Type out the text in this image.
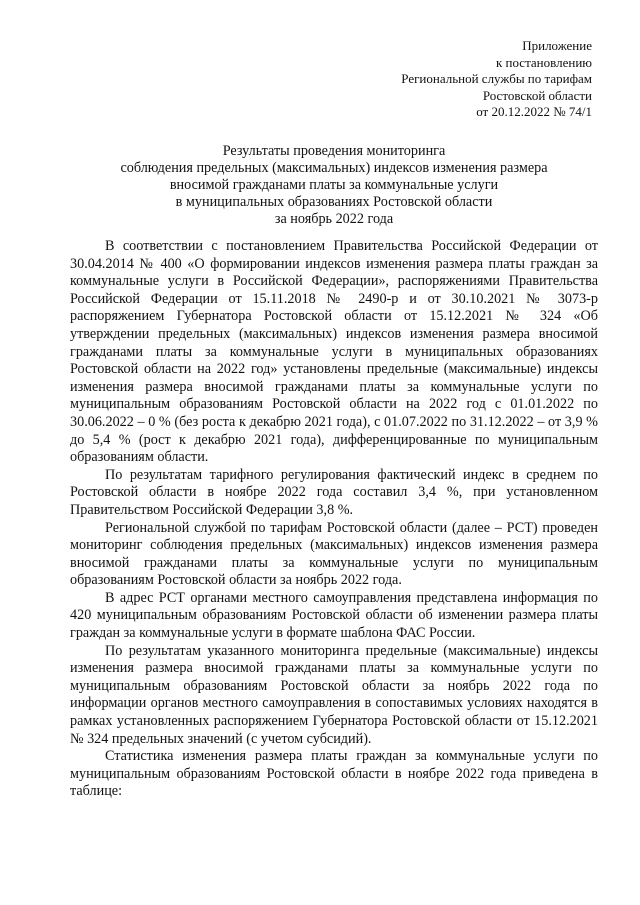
Приложение
к постановлению
Региональной службы по тарифам
Ростовской области
от 20.12.2022 № 74/1
Результаты проведения мониторинга
соблюдения предельных (максимальных) индексов изменения размера
вносимой гражданами платы за коммунальные услуги
в муниципальных образованиях Ростовской области
за ноябрь 2022 года

В соответствии с постановлением Правительства Российской Федерации от 30.04.2014 № 400 «О формировании индексов изменения размера платы граждан за коммунальные услуги в Российской Федерации», распоряжениями Правительства Российской Федерации от 15.11.2018 № 2490-р и от 30.10.2021 № 3073-р распоряжением Губернатора Ростовской области от 15.12.2021 № 324 «Об утверждении предельных (максимальных) индексов изменения размера вносимой гражданами платы за коммунальные услуги в муниципальных образованиях Ростовской области на 2022 год» установлены предельные (максимальные) индексы изменения размера вносимой гражданами платы за коммунальные услуги по муниципальным образованиям Ростовской области на 2022 год с 01.01.2022 по 30.06.2022 – 0 % (без роста к декабрю 2021 года), с 01.07.2022 по 31.12.2022 – от 3,9 % до 5,4 % (рост к декабрю 2021 года), дифференцированные по муниципальным образованиям области.

По результатам тарифного регулирования фактический индекс в среднем по Ростовской области в ноябре 2022 года составил 3,4 %, при установленном Правительством Российской Федерации 3,8 %.

Региональной службой по тарифам Ростовской области (далее – РСТ) проведен мониторинг соблюдения предельных (максимальных) индексов изменения размера вносимой гражданами платы за коммунальные услуги по муниципальным образованиям Ростовской области за ноябрь 2022 года.

В адрес РСТ органами местного самоуправления представлена информация по 420 муниципальным образованиям Ростовской области об изменении размера платы граждан за коммунальные услуги в формате шаблона ФАС России.

По результатам указанного мониторинга предельные (максимальные) индексы изменения размера вносимой гражданами платы за коммунальные услуги по муниципальным образованиям Ростовской области за ноябрь 2022 года по информации органов местного самоуправления в сопоставимых условиях находятся в рамках установленных распоряжением Губернатора Ростовской области от 15.12.2021 № 324 предельных значений (с учетом субсидий).

Статистика изменения размера платы граждан за коммунальные услуги по муниципальным образованиям Ростовской области в ноябре 2022 года приведена в таблице:
